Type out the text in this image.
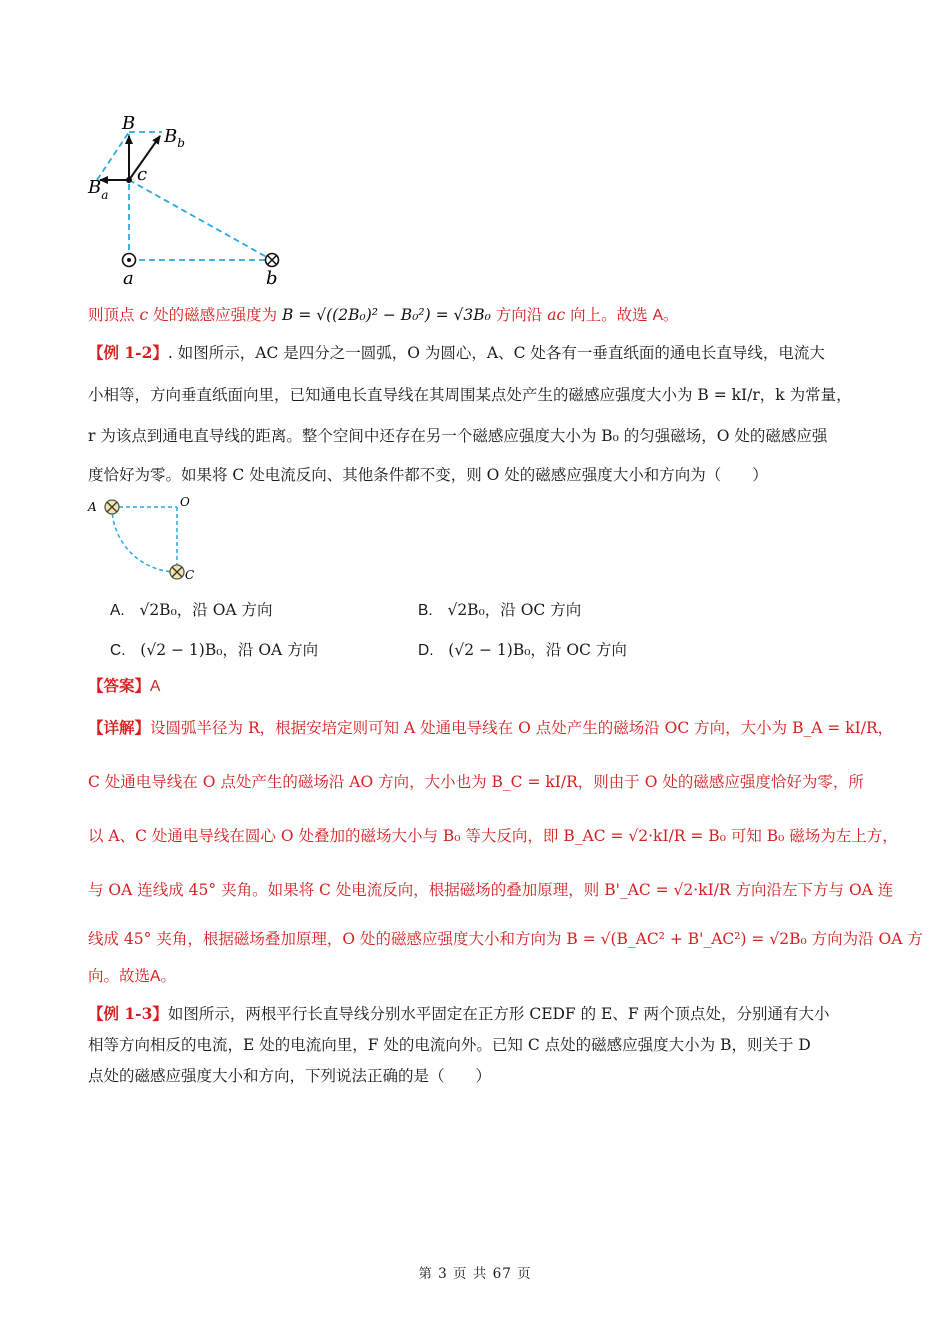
B
$B_b$
c
$B_a$
a	b
则顶点 c 处的磁感应强度为 B = √((2B₀)² − B₀²) = √3B₀ 方向沿 ac 向上。故选 A。
【例 1-2】. 如图所示，AC 是四分之一圆弧，O 为圆心，A、C 处各有一垂直纸面的通电长直导线，电流大
小相等，方向垂直纸面向里，已知通电长直导线在其周围某点处产生的磁感应强度大小为 B = kI/r，k 为常量，
r 为该点到通电直导线的距离。整个空间中还存在另一个磁感应强度大小为 B₀ 的匀强磁场，O 处的磁感应强
度恰好为零。如果将 C 处电流反向、其他条件都不变，则 O 处的磁感应强度大小和方向为（　　）
A	O
C
A. √2B₀，沿 OA 方向	B. √2B₀，沿 OC 方向
C. (√2 − 1)B₀，沿 OA 方向	D. (√2 − 1)B₀，沿 OC 方向
【答案】A
【详解】设圆弧半径为 R，根据安培定则可知 A 处通电导线在 O 点处产生的磁场沿 OC 方向，大小为 B_A = kI/R，
C 处通电导线在 O 点处产生的磁场沿 AO 方向，大小也为 B_C = kI/R，则由于 O 处的磁感应强度恰好为零，所
以 A、C 处通电导线在圆心 O 处叠加的磁场大小与 B₀ 等大反向，即 B_AC = √2·kI/R = B₀ 可知 B₀ 磁场为左上方，
与 OA 连线成 45° 夹角。如果将 C 处电流反向，根据磁场的叠加原理，则 B'_AC = √2·kI/R 方向沿左下方与 OA 连
线成 45° 夹角，根据磁场叠加原理，O 处的磁感应强度大小和方向为 B = √(B_AC² + B'_AC²) = √2B₀ 方向为沿 OA 方
向。故选A。
【例 1-3】如图所示，两根平行长直导线分别水平固定在正方形 CEDF 的 E、F 两个顶点处，分别通有大小
相等方向相反的电流，E 处的电流向里，F 处的电流向外。已知 C 点处的磁感应强度大小为 B，则关于 D
点处的磁感应强度大小和方向，下列说法正确的是（　　）
第 3 页 共 67 页
